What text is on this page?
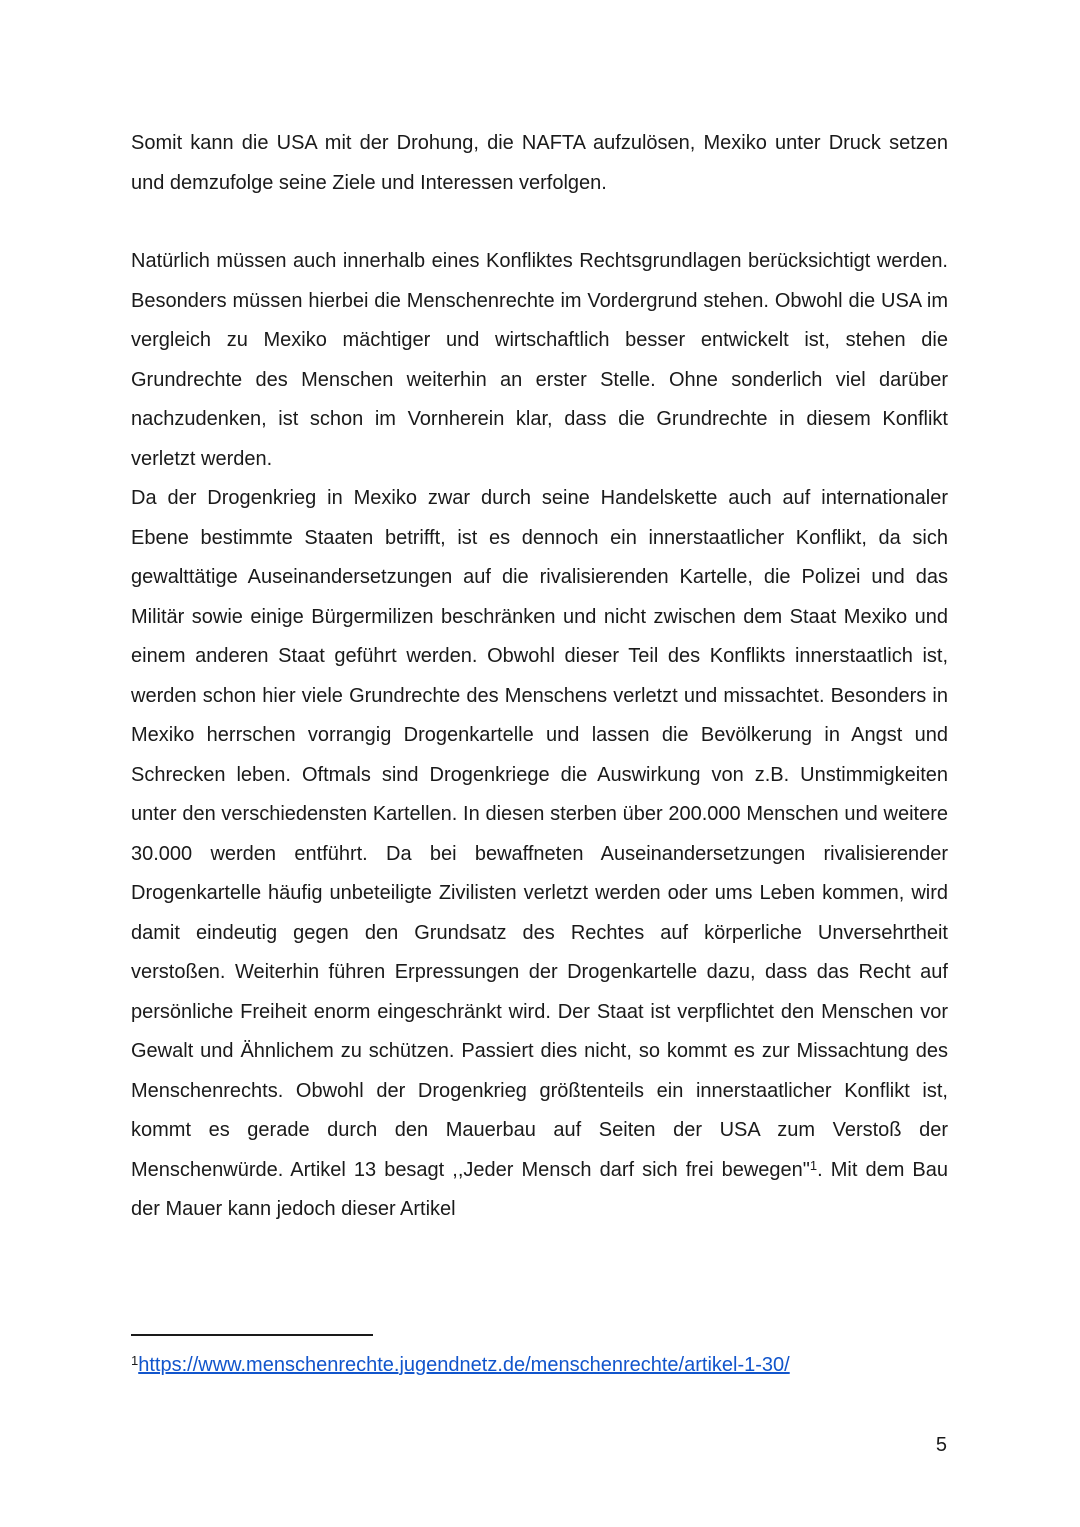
Somit kann die USA mit der Drohung, die NAFTA aufzulösen, Mexiko unter Druck setzen und demzufolge seine Ziele und Interessen verfolgen.

Natürlich müssen auch innerhalb eines Konfliktes Rechtsgrundlagen berücksichtigt werden. Besonders müssen hierbei die Menschenrechte im Vordergrund stehen. Obwohl die USA im vergleich zu Mexiko mächtiger und wirtschaftlich besser entwickelt ist, stehen die Grundrechte des Menschen weiterhin an erster Stelle. Ohne sonderlich viel darüber nachzudenken, ist schon im Vornherein klar, dass die Grundrechte in diesem Konflikt verletzt werden.

Da der Drogenkrieg in Mexiko zwar durch seine Handelskette auch auf internationaler Ebene bestimmte Staaten betrifft, ist es dennoch ein innerstaatlicher Konflikt, da sich gewalttätige Auseinandersetzungen auf die rivalisierenden Kartelle, die Polizei und das Militär sowie einige Bürgermilizen beschränken und nicht zwischen dem Staat Mexiko und einem anderen Staat geführt werden. Obwohl dieser Teil des Konflikts innerstaatlich ist, werden schon hier viele Grundrechte des Menschens verletzt und missachtet. Besonders in Mexiko herrschen vorrangig Drogenkartelle und lassen die Bevölkerung in Angst und Schrecken leben. Oftmals sind Drogenkriege die Auswirkung von z.B. Unstimmigkeiten unter den verschiedensten Kartellen. In diesen sterben über 200.000 Menschen und weitere 30.000 werden entführt. Da bei bewaffneten Auseinandersetzungen rivalisierender Drogenkartelle häufig unbeteiligte Zivilisten verletzt werden oder ums Leben kommen, wird damit eindeutig gegen den Grundsatz des Rechtes auf körperliche Unversehrtheit verstoßen. Weiterhin führen Erpressungen der Drogenkartelle dazu, dass das Recht auf persönliche Freiheit enorm eingeschränkt wird. Der Staat ist verpflichtet den Menschen vor Gewalt und Ähnlichem zu schützen. Passiert dies nicht, so kommt es zur Missachtung des Menschenrechts. Obwohl der Drogenkrieg größtenteils ein innerstaatlicher Konflikt ist, kommt es gerade durch den Mauerbau auf Seiten der USA zum Verstoß der Menschenwürde. Artikel 13 besagt ,,Jeder Mensch darf sich frei bewegen"$^1$. Mit dem Bau der Mauer kann jedoch dieser Artikel

$^1$https://www.menschenrechte.jugendnetz.de/menschenrechte/artikel-1-30/
5
